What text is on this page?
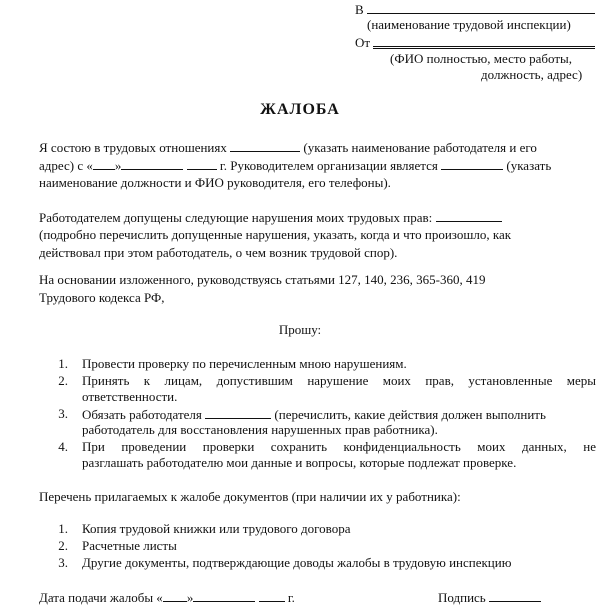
В
(наименование трудовой инспекции)
От
(ФИО полностью, место работы,
должность, адрес)
ЖАЛОБА
Я состою в трудовых отношениях	(указать наименование работодателя и его
адрес) с « »	г. Руководителем организации является	(указать
наименование должности и ФИО руководителя, его телефоны).
Работодателем допущены следующие нарушения моих трудовых прав:
(подробно перечислить допущенные нарушения, указать, когда и что произошло, как
действовал при этом работодатель, о чем возник трудовой спор).
На основании изложенного, руководствуясь статьями 127, 140, 236, 365-360, 419
Трудового кодекса РФ,
Прошу:
1. Провести проверку по перечисленным мною нарушениям.
2. Принять к лицам, допустившим нарушение моих прав, установленные меры
ответственности.
3. Обязать работодателя	(перечислить, какие действия должен выполнить
работодатель для восстановления нарушенных прав работника).
4. При проведении проверки сохранить конфиденциальность моих данных, не
разглашать работодателю мои данные и вопросы, которые подлежат проверке.
Перечень прилагаемых к жалобе документов (при наличии их у работника):
1. Копия трудовой книжки или трудового договора
2. Расчетные листы
3. Другие документы, подтверждающие доводы жалобы в трудовую инспекцию
Дата подачи жалобы « »	г.	Подпись
